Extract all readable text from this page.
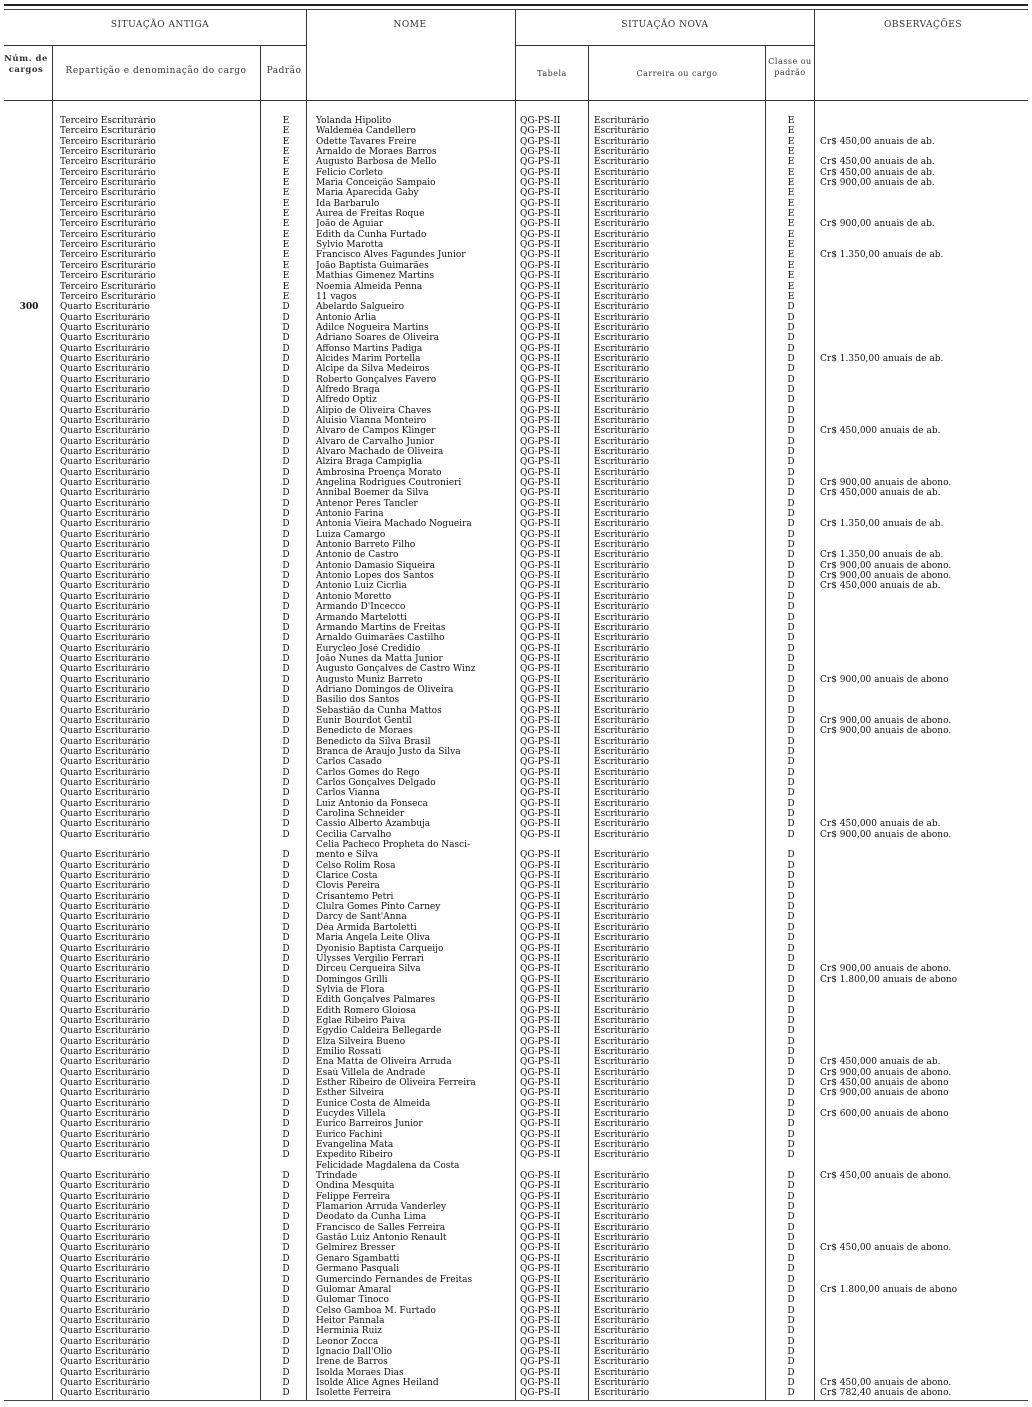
SITUAÇÃO ANTIGA	NOME	SITUAÇÃO NOVA	OBSERVAÇÕES
Núm. de cargos	Repartição e denominação do cargo	Padrão	Tabela	Carreira ou cargo
Classe ou padrão
Terceiro Escriturário	E	Yolanda Hipolito	QG-PS-II	Escriturário	E
Terceiro Escriturário	E	Waldeméa Candellero	QG-PS-II	Escriturário	E
Terceiro Escriturário	E	Odette Tavares Freire	QG-PS-II	Escriturário	E	Cr$ 450,00 anuais de ab.
Terceiro Escriturário	E	Arnaldo de Moraes Barros	QG-PS-II	Escriturário	E
Terceiro Escriturário	E	Augusto Barbosa de Mello	QG-PS-II	Escriturário	E	Cr$ 450,00 anuais de ab.
Terceiro Escriturário	E	Felicio Corleto	QG-PS-II	Escriturário	E	Cr$ 450,00 anuais de ab.
Terceiro Escriturário	E	Maria Conceição Sampaio	QG-PS-II	Escriturário	E	Cr$ 900,00 anuais de ab.
Terceiro Escriturário	E	Maria Aparecida Gaby	QG-PS-II	Escriturário	E
Terceiro Escriturário	E	Ida Barbarulo	QG-PS-II	Escriturário	E
Terceiro Escriturário	E	Aurea de Freitas Roque	QG-PS-II	Escriturário	E
Terceiro Escriturário	E	João de Aguiar	QG-PS-II	Escriturário	E	Cr$ 900,00 anuais de ab.
Terceiro Escriturário	E	Edith da Cunha Furtado	QG-PS-II	Escriturário	E
Terceiro Escriturário	E	Sylvio Marotta	QG-PS-II	Escriturário	E
Terceiro Escriturário	E	Francisco Alves Fagundes Junior	QG-PS-II	Escriturário	E	Cr$ 1.350,00 anuais de ab.
Terceiro Escriturário	E	João Baptista Guimarães	QG-PS-II	Escriturário	E
Terceiro Escriturário	E	Mathias Gimenez Martins	QG-PS-II	Escriturário	E
Terceiro Escriturário	E	Noemia Almeida Penna	QG-PS-II	Escriturário	E
Terceiro Escriturário	E	11 vagos	QG-PS-II	Escriturário	E
300	Quarto Escriturário	D	Abelardo Salgueiro	QG-PS-II	Escriturário	D
Quarto Escriturário	D	Antonio Arlia	QG-PS-II	Escriturário	D
Quarto Escriturário	D	Adilce Nogueira Martins	QG-PS-II	Escriturário	D
Quarto Escriturário	D	Adriano Soares de Oliveira	QG-PS-II	Escriturário	D
Quarto Escriturário	D	Affonso Martins Padiga	QG-PS-II	Escriturário	D
Quarto Escriturário	D	Alcides Marim Portella	QG-PS-II	Escriturário	D	Cr$ 1.350,00 anuais de ab.
Quarto Escriturário	D	Alcipe da Silva Medeiros	QG-PS-II	Escriturário	D
Quarto Escriturário	D	Roberto Gonçalves Favero	QG-PS-II	Escriturário	D
Quarto Escriturário	D	Alfredo Braga	QG-PS-II	Escriturário	D
Quarto Escriturário	D	Alfredo Optiz	QG-PS-II	Escriturário	D
Quarto Escriturário	D	Alipio de Oliveira Chaves	QG-PS-II	Escriturário	D
Quarto Escriturário	D	Aluisio Vianna Monteiro	QG-PS-II	Escriturário	D
Quarto Escriturário	D	Alvaro de Campos Klinger	QG-PS-II	Escriturário	D	Cr$ 450,000 anuais de ab.
Quarto Escriturário	D	Alvaro de Carvalho Junior	QG-PS-II	Escriturário	D
Quarto Escriturário	D	Alvaro Machado de Oliveira	QG-PS-II	Escriturário	D
Quarto Escriturário	D	Alzira Braga Campiglia	QG-PS-II	Escriturário	D
Quarto Escriturário	D	Ambrosina Proença Morato	QG-PS-II	Escriturário	D
Quarto Escriturário	D	Angelina Rodrigues Coutronieri	QG-PS-II	Escriturário	D	Cr$ 900,00 anuais de abono.
Quarto Escriturário	D	Annibal Boemer da Silva	QG-PS-II	Escriturário	D	Cr$ 450,000 anuais de ab.
Quarto Escriturário	D	Antenor Peres Tancler	QG-PS-II	Escriturário	D
Quarto Escriturário	D	Antonio Farina	QG-PS-II	Escriturário	D
Quarto Escriturário	D	Antonia Vieira Machado Nogueira	QG-PS-II	Escriturário	D	Cr$ 1.350,00 anuais de ab.
Quarto Escriturário	D	Luiza Camargo	QG-PS-II	Escriturário	D
Quarto Escriturário	D	Antonio Barreto Filho	QG-PS-II	Escriturário	D
Quarto Escriturário	D	Antonio de Castro	QG-PS-II	Escriturário	D	Cr$ 1.350,00 anuais de ab.
Quarto Escriturário	D	Antonio Damasio Siqueira	QG-PS-II	Escriturário	D	Cr$ 900,00 anuais de abono.
Quarto Escriturário	D	Antonio Lopes dos Santos	QG-PS-II	Escriturário	D	Cr$ 900,00 anuais de abono.
Quarto Escriturário	D	Antonio Luiz Cicrlia	QG-PS-II	Escriturário	D	Cr$ 450,000 anuais de ab.
Quarto Escriturário	D	Antonio Moretto	QG-PS-II	Escriturário	D
Quarto Escriturário	D	Armando D'Incecco	QG-PS-II	Escriturário	D
Quarto Escriturário	D	Armando Martelotti	QG-PS-II	Escriturário	D
Quarto Escriturário	D	Armando Martins de Freitas	QG-PS-II	Escriturário	D
Quarto Escriturário	D	Arnaldo Guimarães Castilho	QG-PS-II	Escriturário	D
Quarto Escriturário	D	Eurycleo José Credidio	QG-PS-II	Escriturário	D
Quarto Escriturário	D	João Nunes da Matta Junior	QG-PS-II	Escriturário	D
Quarto Escriturário	D	Augusto Gonçalves de Castro Winz	QG-PS-II	Escriturário	D
Quarto Escriturário	D	Augusto Muniz Barreto	QG-PS-II	Escriturário	D	Cr$ 900,00 anuais de abono
Quarto Escriturário	D	Adriano Domingos de Oliveira	QG-PS-II	Escriturário	D
Quarto Escriturário	D	Basilio dos Santos	QG-PS-II	Escriturário	D
Quarto Escriturário	D	Sebastião da Cunha Mattos	QG-PS-II	Escriturário	D
Quarto Escriturário	D	Eunir Bourdot Gentil	QG-PS-II	Escriturário	D	Cr$ 900,00 anuais de abono.
Quarto Escriturário	D	Benedicto de Moraes	QG-PS-II	Escriturário	D	Cr$ 900,00 anuais de abono.
Quarto Escriturário	D	Benedicto da Silva Brasil	QG-PS-II	Escriturário	D
Quarto Escriturário	D	Branca de Araujo Justo da Silva	QG-PS-II	Escriturário	D
Quarto Escriturário	D	Carlos Casado	QG-PS-II	Escriturário	D
Quarto Escriturário	D	Carlos Gomes do Rego	QG-PS-II	Escriturário	D
Quarto Escriturário	D	Carlos Gonçalves Delgado	QG-PS-II	Escriturário	D
Quarto Escriturário	D	Carlos Vianna	QG-PS-II	Escriturário	D
Quarto Escriturário	D	Luiz Antonio da Fonseca	QG-PS-II	Escriturário	D
Quarto Escriturário	D	Carolina Schneider	QG-PS-II	Escriturário	D
Quarto Escriturário	D	Cassio Alberto Azambuja	QG-PS-II	Escriturário	D	Cr$ 450,000 anuais de ab.
Quarto Escriturário	D	Cecilia Carvalho	QG-PS-II	Escriturário	D	Cr$ 900,00 anuais de abono.
Celia Pacheco Propheta do Nasci-
Quarto Escriturário	D	mento e Silva	QG-PS-II	Escriturário	D
Quarto Escriturário	D	Celso Rolim Rosa	QG-PS-II	Escriturário	D
Quarto Escriturário	D	Clarice Costa	QG-PS-II	Escriturário	D
Quarto Escriturário	D	Clovis Pereira	QG-PS-II	Escriturário	D
Quarto Escriturário	D	Crisantemo Petri	QG-PS-II	Escriturário	D
Quarto Escriturário	D	Clulra Gomes Pinto Carney	QG-PS-II	Escriturário	D
Quarto Escriturário	D	Darcy de Sant'Anna	QG-PS-II	Escriturário	D
Quarto Escriturário	D	Déa Armida Bartoletti	QG-PS-II	Escriturário	D
Quarto Escriturário	D	Maria Angela Leite Oliva	QG-PS-II	Escriturário	D
Quarto Escriturário	D	Dyonisio Baptista Carqueijo	QG-PS-II	Escriturário	D
Quarto Escriturário	D	Ulysses Vergilio Ferrari	QG-PS-II	Escriturário	D
Quarto Escriturário	D	Dirceu Cerqueira Silva	QG-PS-II	Escriturário	D	Cr$ 900,00 anuais de abono.
Quarto Escriturário	D	Domingos Grilli	QG-PS-II	Escriturário	D	Cr$ 1.800,00 anuais de abono
Quarto Escriturário	D	Sylvia de Flora	QG-PS-II	Escriturário	D
Quarto Escriturário	D	Edith Gonçalves Palmares	QG-PS-II	Escriturário	D
Quarto Escriturário	D	Edith Romero Gloiosa	QG-PS-II	Escriturário	D
Quarto Escriturário	D	Eglae Ribeiro Paiva	QG-PS-II	Escriturário	D
Quarto Escriturário	D	Egydio Caldeira Bellegarde	QG-PS-II	Escriturário	D
Quarto Escriturário	D	Elza Silveira Bueno	QG-PS-II	Escriturário	D
Quarto Escriturário	D	Emilio Rossati	QG-PS-II	Escriturário	D
Quarto Escriturário	D	Ena Matta de Oliveira Arruda	QG-PS-II	Escriturário	D	Cr$ 450,000 anuais de ab.
Quarto Escriturário	D	Esaú Villela de Andrade	QG-PS-II	Escriturário	D	Cr$ 900,00 anuais de abono.
Quarto Escriturário	D	Esther Ribeiro de Oliveira Ferreira	QG-PS-II	Escriturário	D	Cr$ 450,00 anuais de abono
Quarto Escriturário	D	Esther Silveira	QG-PS-II	Escriturário	D	Cr$ 900,00 anuais de abono
Quarto Escriturário	D	Eunice Costa de Almeida	QG-PS-II	Escriturário	D
Quarto Escriturário	D	Eucydes Villela	QG-PS-II	Escriturário	D	Cr$ 600,00 anuais de abono
Quarto Escriturário	D	Eurico Barreiros Junior	QG-PS-II	Escriturário	D
Quarto Escriturário	D	Eurico Fachini	QG-PS-II	Escriturário	D
Quarto Escriturário	D	Evangelina Mata	QG-PS-II	Escriturário	D
Quarto Escriturário	D	Expedito Ribeiro	QG-PS-II	Escriturário	D
Felicidade Magdalena da Costa
Quarto Escriturário	D	Trindade	QG-PS-II	Escriturário	D	Cr$ 450,00 anuais de abono.
Quarto Escriturário	D	Ondina Mesquita	QG-PS-II	Escriturário	D
Quarto Escriturário	D	Felippe Ferreira	QG-PS-II	Escriturário	D
Quarto Escriturário	D	Flamarion Arruda Vanderley	QG-PS-II	Escriturário	D
Quarto Escriturário	D	Deodato da Cunha Lima	QG-PS-II	Escriturário	D
Quarto Escriturário	D	Francisco de Salles Ferreira	QG-PS-II	Escriturário	D
Quarto Escriturário	D	Gastão Luiz Antonio Renault	QG-PS-II	Escriturário	D
Quarto Escriturário	D	Gelmirez Bresser	QG-PS-II	Escriturário	D	Cr$ 450,00 anuais de abono.
Quarto Escriturário	D	Genaro Sgambatti	QG-PS-II	Escriturário	D
Quarto Escriturário	D	Germano Pasquali	QG-PS-II	Escriturário	D
Quarto Escriturário	D	Gumercindo Fernandes de Freitas	QG-PS-II	Escriturário	D
Quarto Escriturário	D	Gulomar Amaral	QG-PS-II	Escriturário	D	Cr$ 1.800,00 anuais de abono
Quarto Escriturário	D	Gulomar Tinoco	QG-PS-II	Escriturário	D
Quarto Escriturário	D	Celso Gamboa M. Furtado	QG-PS-II	Escriturário	D
Quarto Escriturário	D	Heitor Pannala	QG-PS-II	Escriturário	D
Quarto Escriturário	D	Herminia Ruiz	QG-PS-II	Escriturário	D
Quarto Escriturário	D	Leonor Zocca	QG-PS-II	Escriturário	D
Quarto Escriturário	D	Ignacio Dall'Olio	QG-PS-II	Escriturário	D
Quarto Escriturário	D	Irene de Barros	QG-PS-II	Escriturário	D
Quarto Escriturário	D	Isolda Moraes Dias	QG-PS-II	Escriturário	D
Quarto Escriturário	D	Isolde Alice Agnes Heiland	QG-PS-II	Escriturário	D	Cr$ 450,00 anuais de abono.
Quarto Escriturário	D	Isolette Ferreira	QG-PS-II	Escriturário	D	Cr$ 782,40 anuais de abono.
